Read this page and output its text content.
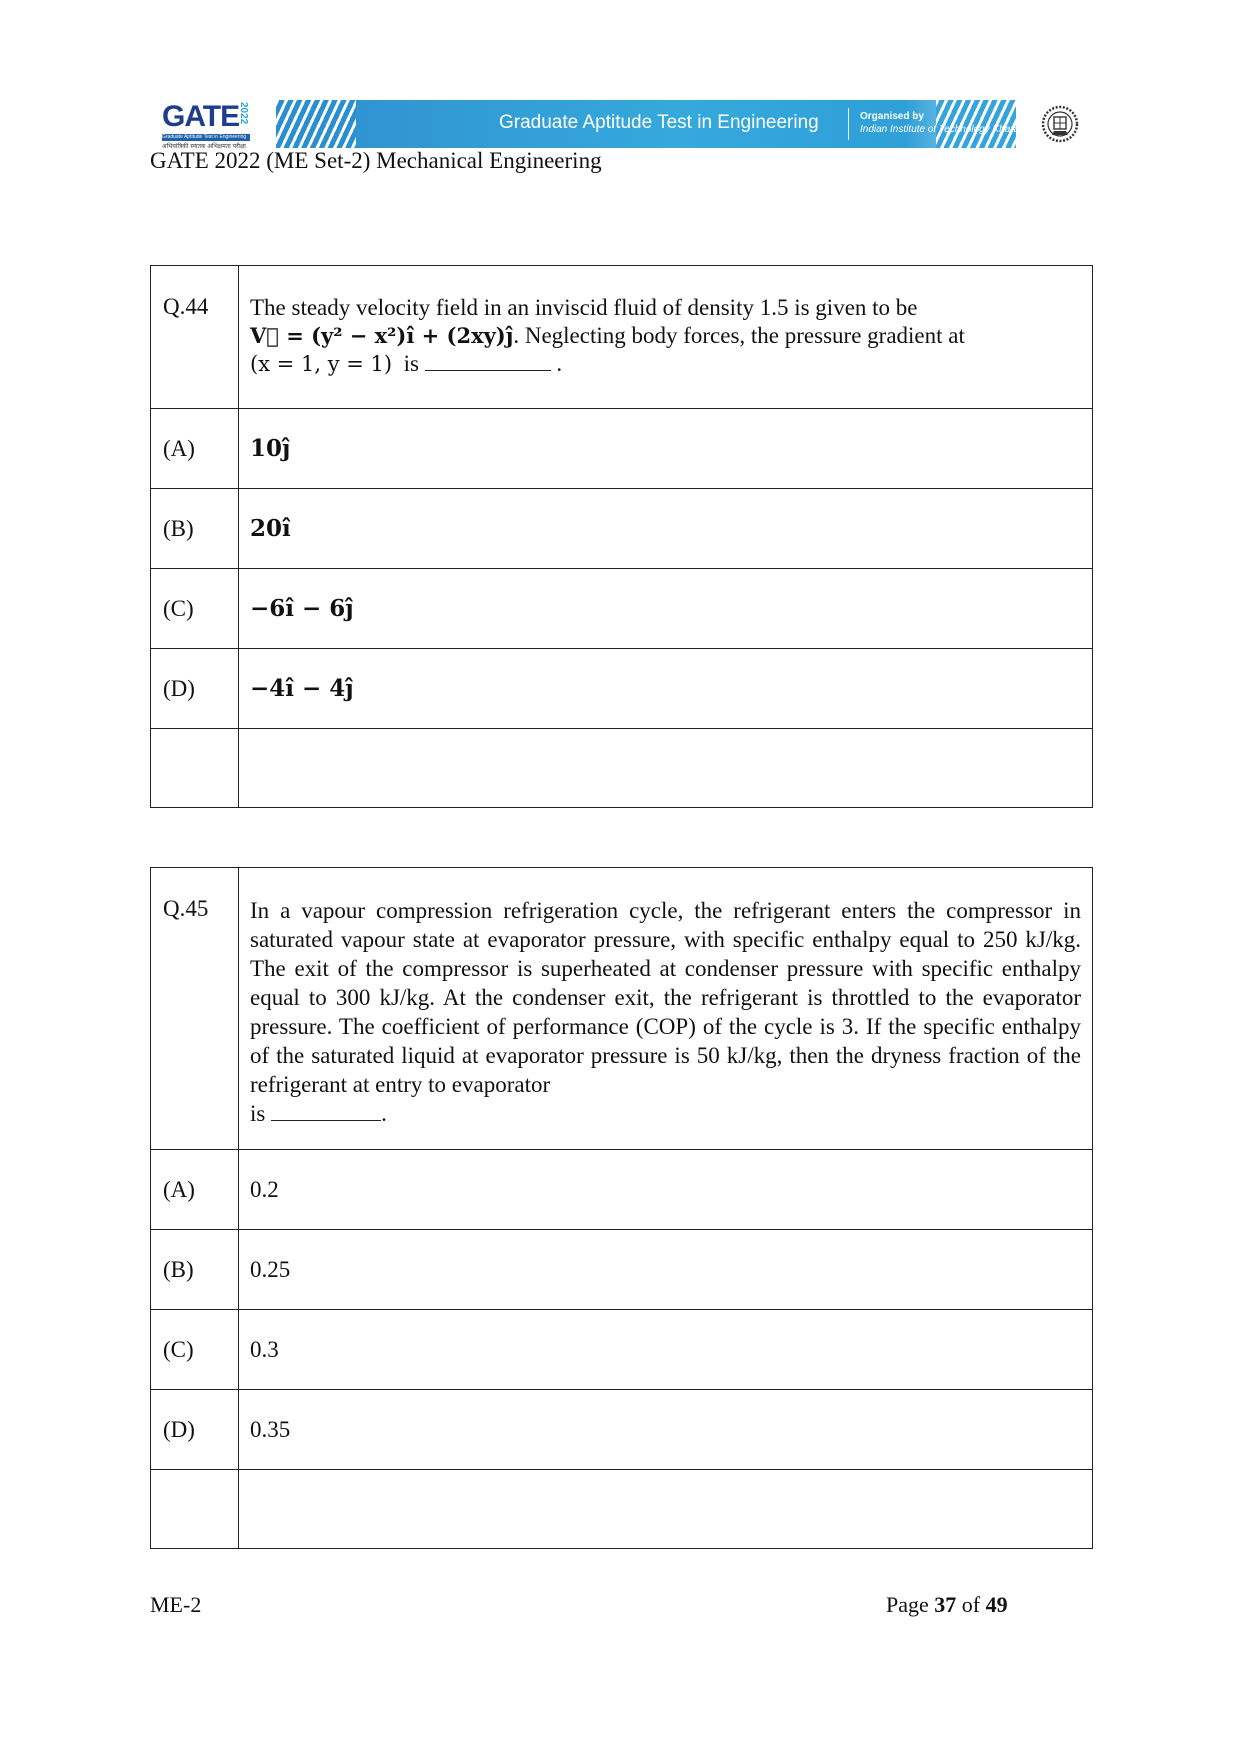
GATE
2022
Graduate Aptitude Test in Engineering
अभियांत्रिकी स्नातक अभिक्षमता परीक्षा
Graduate Aptitude Test in Engineering	Organised by
Indian Institute of Technology Kharagpur
GATE 2022 (ME Set-2) Mechanical Engineering
Q.44	The steady velocity field in an inviscid fluid of density 1.5 is given to be
V⃗ = (y² − x²)î + (2xy)ĵ. Neglecting body forces, the pressure gradient at
(x = 1, y = 1) is .

(A)	10ĵ
(B)	20î
(C)	−6î − 6ĵ
(D)	−4î − 4ĵ

Q.45	In a vapour compression refrigeration cycle, the refrigerant enters the compressor in saturated vapour state at evaporator pressure, with specific enthalpy equal to 250 kJ/kg. The exit of the compressor is superheated at condenser pressure with specific enthalpy equal to 300 kJ/kg. At the condenser exit, the refrigerant is throttled to the evaporator pressure. The coefficient of performance (COP) of the cycle is 3. If the specific enthalpy of the saturated liquid at evaporator pressure is 50 kJ/kg, then the dryness fraction of the refrigerant at entry to evaporator
is .

(A)	0.2
(B)	0.25
(C)	0.3
(D)	0.35

ME-2	Page 37 of 49
